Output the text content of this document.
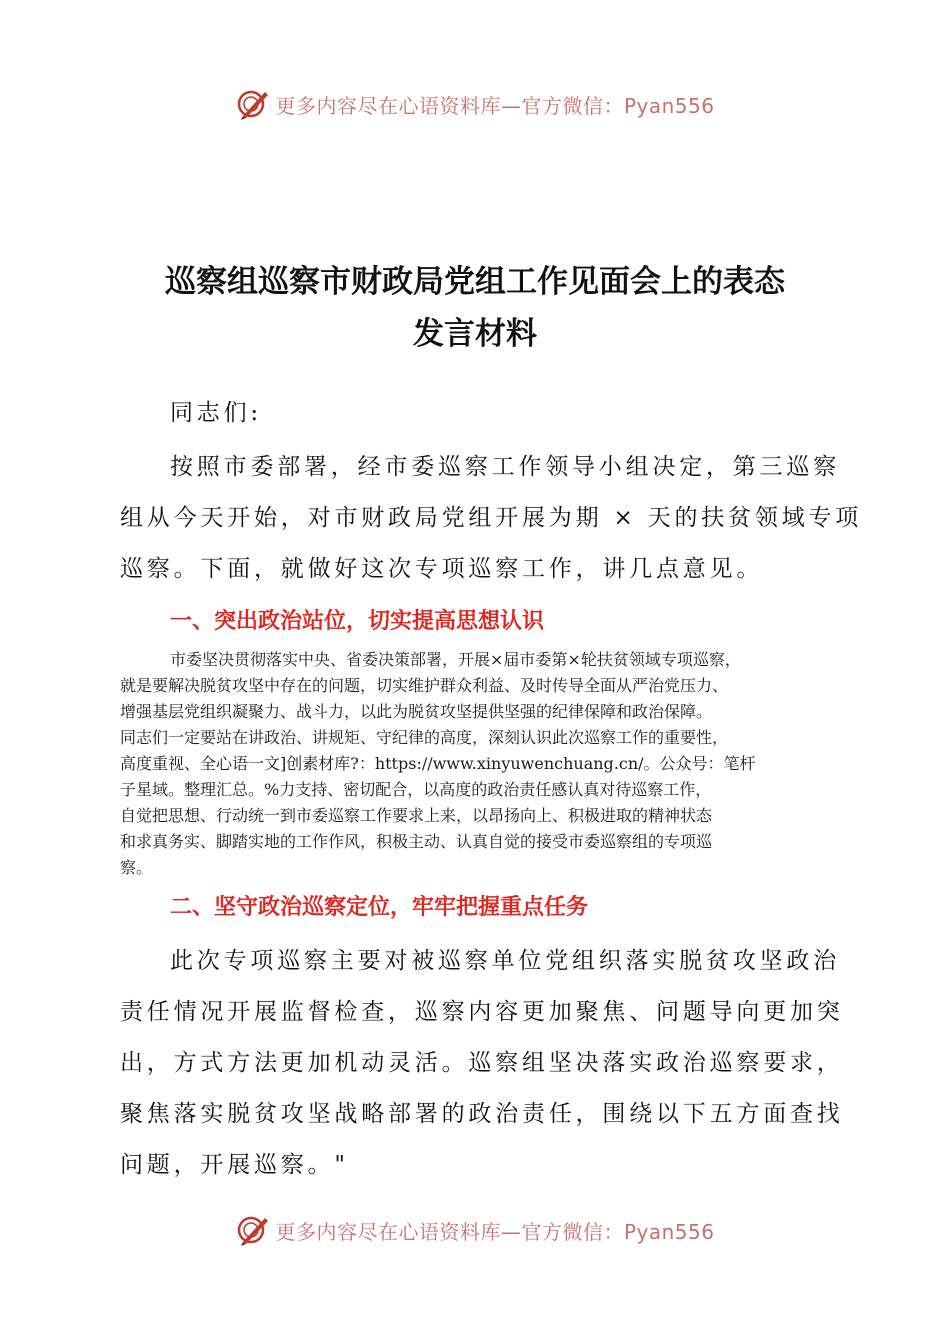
更多内容尽在心语资料库—官方微信：Pyan556
巡察组巡察市财政局党组工作见面会上的表态
发言材料
同志们:
按照市委部署，经市委巡察工作领导小组决定，第三巡察
组从今天开始，对市财政局党组开展为期 × 天的扶贫领域专项
巡察。下面，就做好这次专项巡察工作，讲几点意见。
一、突出政治站位，切实提高思想认识
市委坚决贯彻落实中央、省委决策部署，开展×届市委第×轮扶贫领域专项巡察，
就是要解决脱贫攻坚中存在的问题，切实维护群众利益、及时传导全面从严治党压力、
增强基层党组织凝聚力、战斗力，以此为脱贫攻坚提供坚强的纪律保障和政治保障。
同志们一定要站在讲政治、讲规矩、守纪律的高度，深刻认识此次巡察工作的重要性，
高度重视、全心语一文]创素材库?：https://www.xinyuwenchuang.cn/。公众号：笔杆
子星域。整理汇总。%力支持、密切配合，以高度的政治责任感认真对待巡察工作，
自觉把思想、行动统一到市委巡察工作要求上来，以昂扬向上、积极进取的精神状态
和求真务实、脚踏实地的工作作风，积极主动、认真自觉的接受市委巡察组的专项巡
察。
二、坚守政治巡察定位，牢牢把握重点任务
此次专项巡察主要对被巡察单位党组织落实脱贫攻坚政治
责任情况开展监督检查，巡察内容更加聚焦、问题导向更加突
出，方式方法更加机动灵活。巡察组坚决落实政治巡察要求，
聚焦落实脱贫攻坚战略部署的政治责任，围绕以下五方面查找
问题，开展巡察。"
更多内容尽在心语资料库—官方微信：Pyan556
